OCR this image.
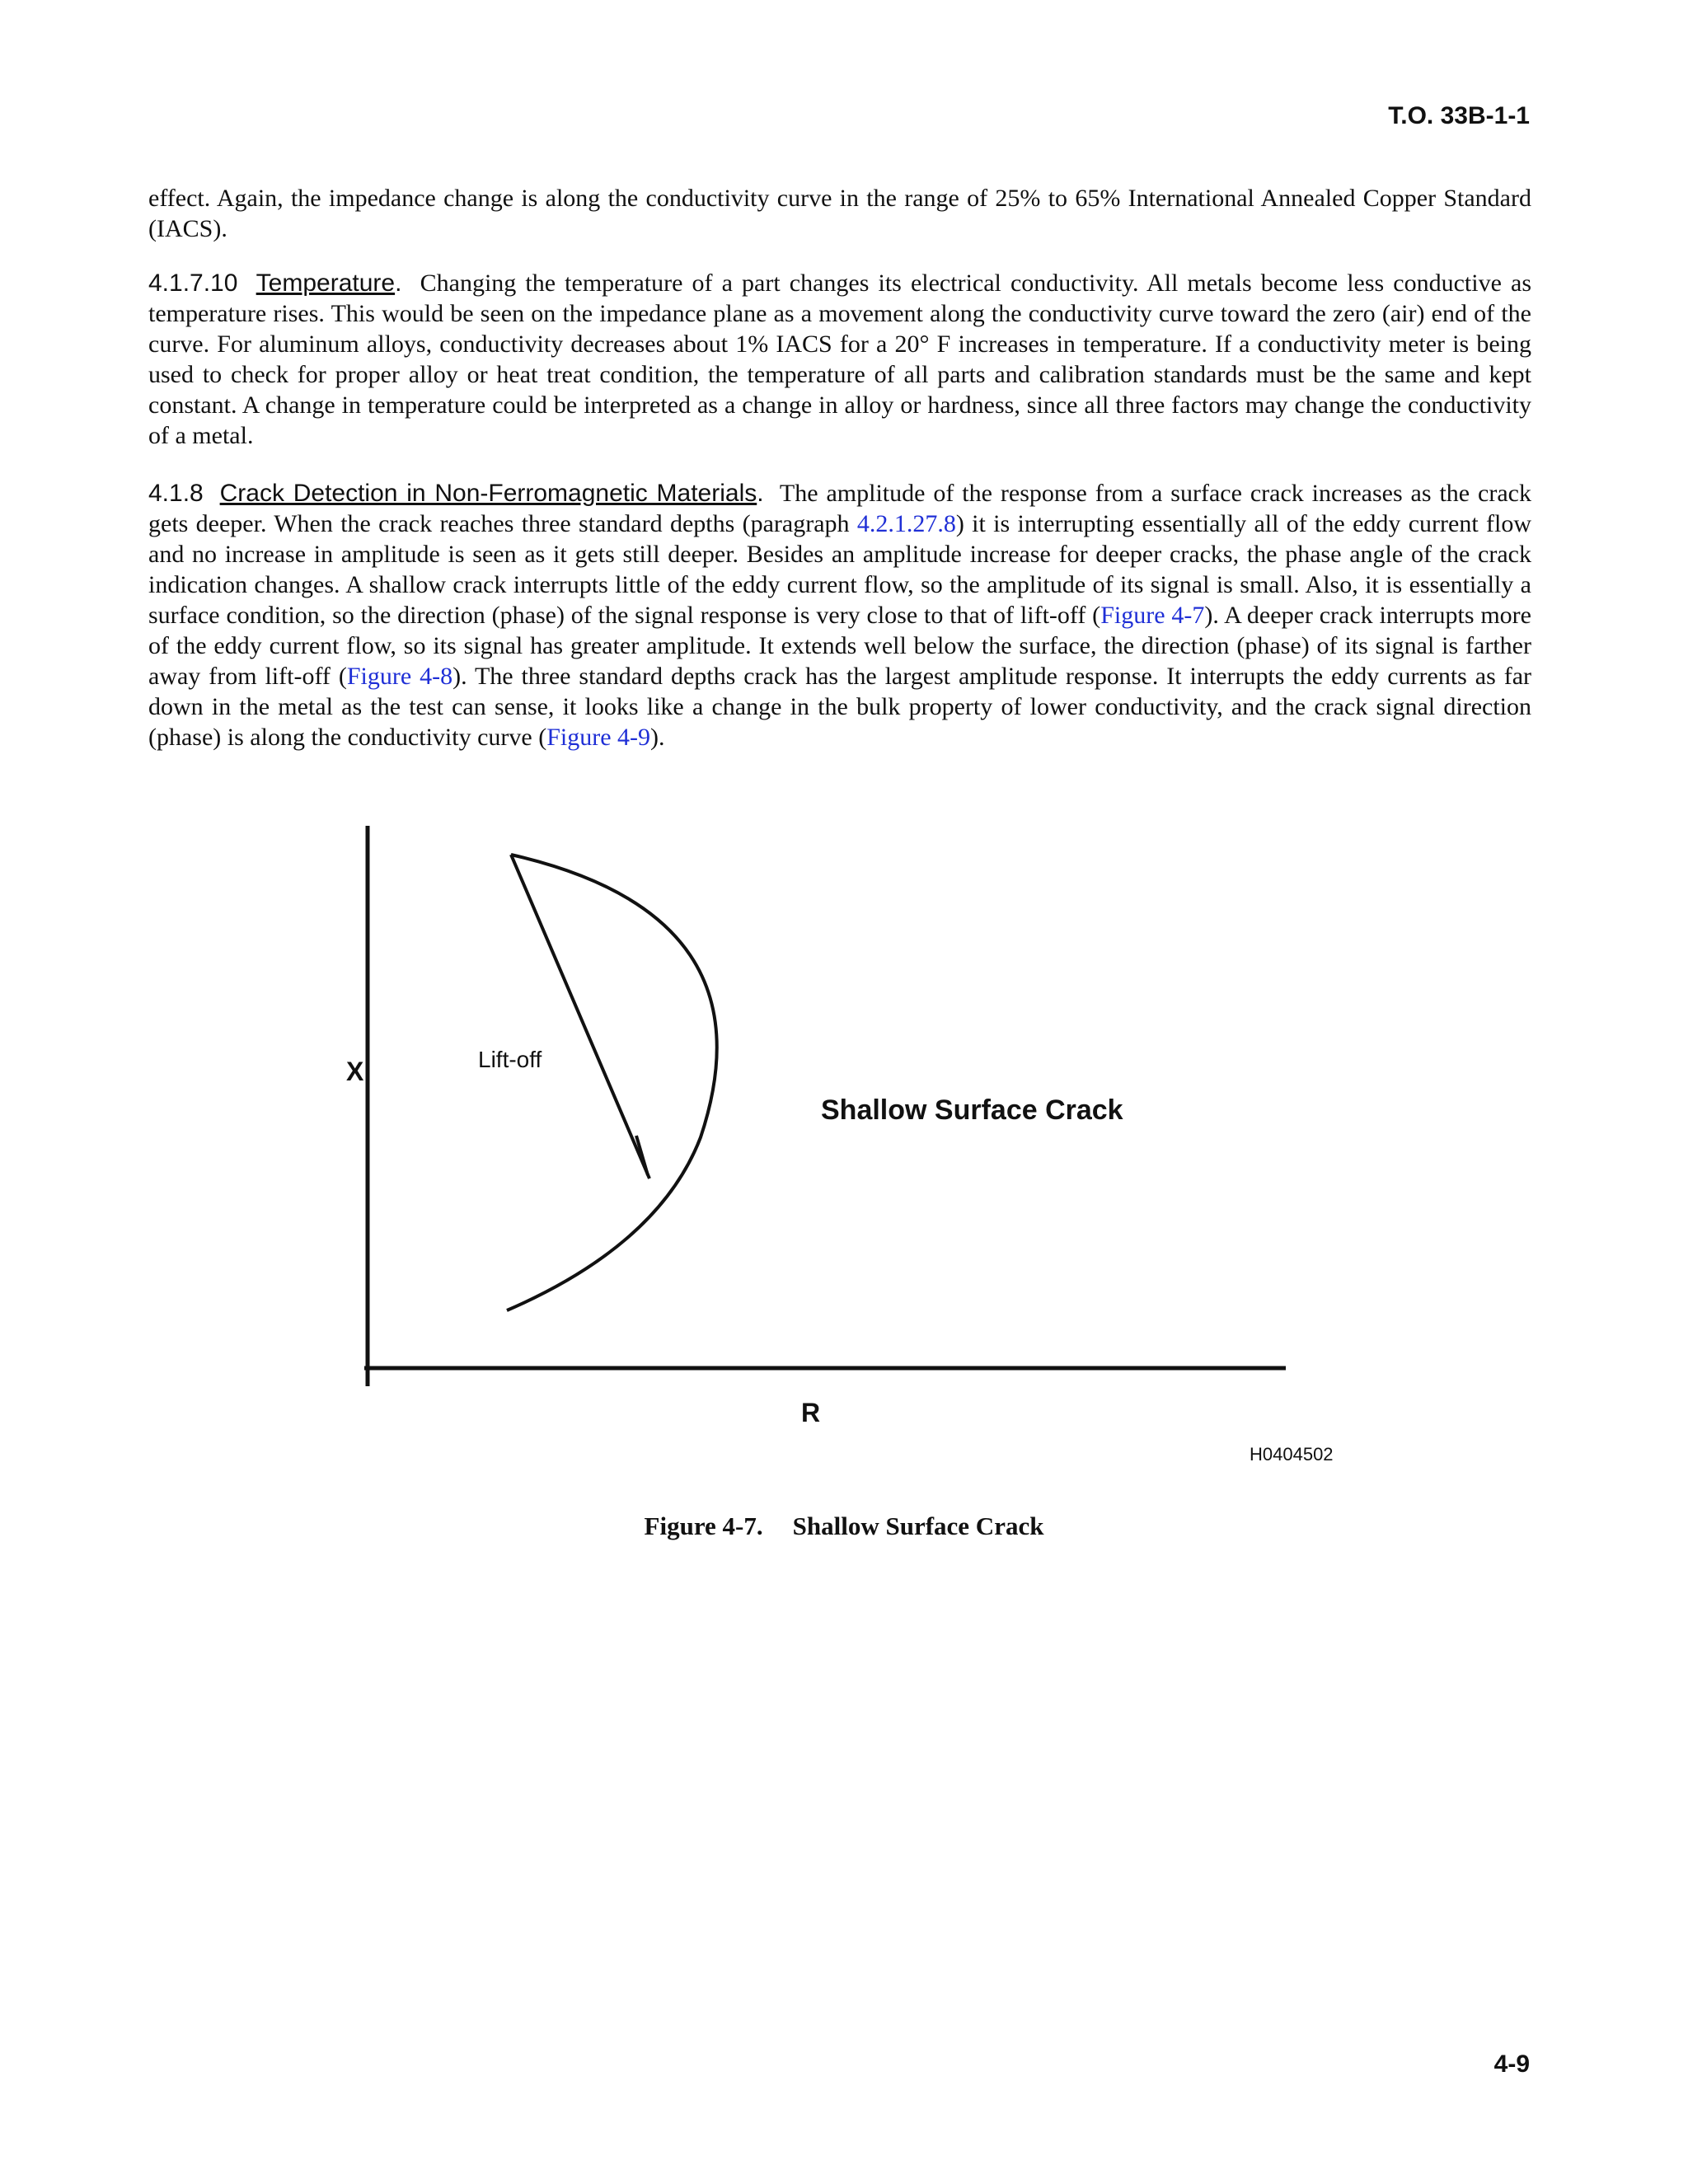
T.O. 33B-1-1

effect. Again, the impedance change is along the conductivity curve in the range of 25% to 65% International Annealed Copper Standard (IACS).

4.1.7.10 Temperature. Changing the temperature of a part changes its electrical conductivity. All metals become less conductive as temperature rises. This would be seen on the impedance plane as a movement along the conductivity curve toward the zero (air) end of the curve. For aluminum alloys, conductivity decreases about 1% IACS for a 20° F increases in temperature. If a conductivity meter is being used to check for proper alloy or heat treat condition, the temperature of all parts and calibration standards must be the same and kept constant. A change in temperature could be interpreted as a change in alloy or hardness, since all three factors may change the conductivity of a metal.

4.1.8 Crack Detection in Non-Ferromagnetic Materials. The amplitude of the response from a surface crack increases as the crack gets deeper. When the crack reaches three standard depths (paragraph 4.2.1.27.8) it is interrupting essentially all of the eddy current flow and no increase in amplitude is seen as it gets still deeper. Besides an amplitude increase for deeper cracks, the phase angle of the crack indication changes. A shallow crack interrupts little of the eddy current flow, so the amplitude of its signal is small. Also, it is essentially a surface condition, so the direction (phase) of the signal response is very close to that of lift-off (Figure 4-7). A deeper crack interrupts more of the eddy current flow, so its signal has greater amplitude. It extends well below the surface, the direction (phase) of its signal is farther away from lift-off (Figure 4-8). The three standard depths crack has the largest amplitude response. It interrupts the eddy currents as far down in the metal as the test can sense, it looks like a change in the bulk property of lower conductivity, and the crack signal direction (phase) is along the conductivity curve (Figure 4-9).

X	Lift-off
Shallow Surface Crack
R
H0404502
Figure 4-7. Shallow Surface Crack
4-9
